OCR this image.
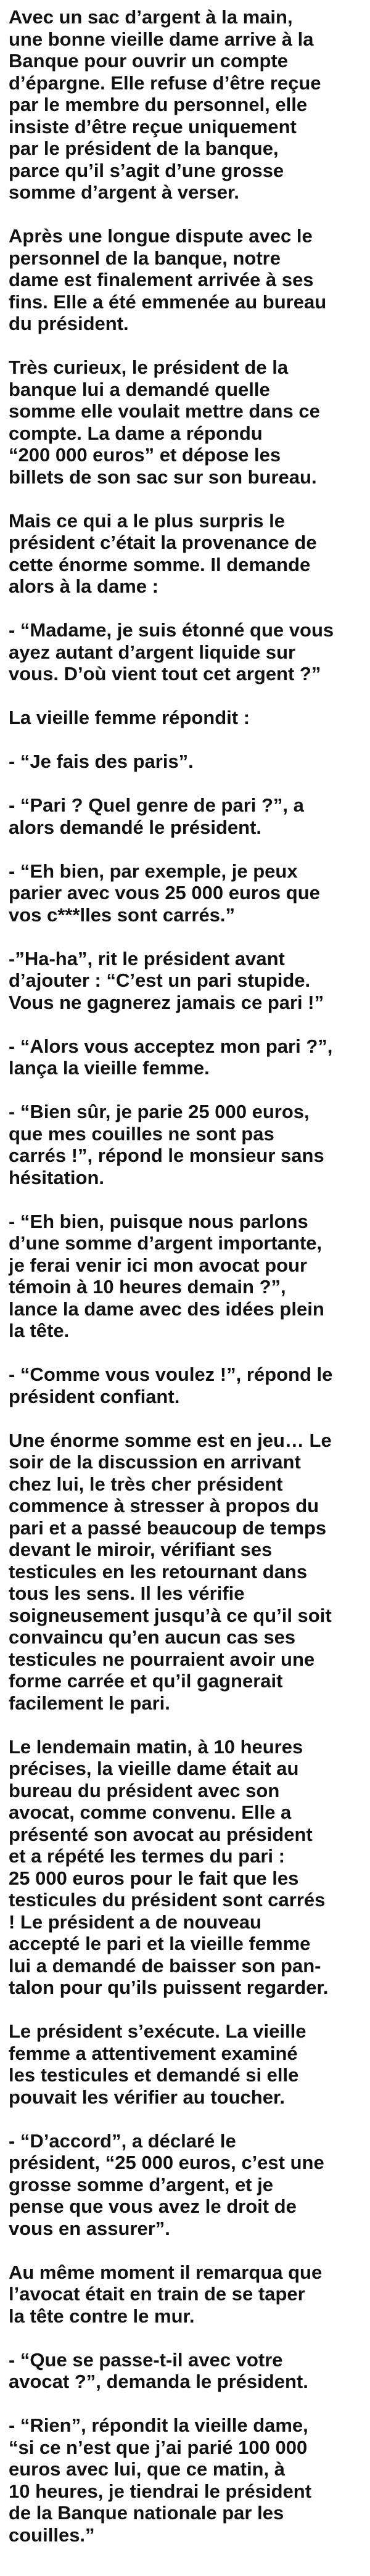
Avec un sac d’argent à la main,
une bonne vieille dame arrive à la
Banque pour ouvrir un compte
d’épargne. Elle refuse d’être reçue
par le membre du personnel, elle
insiste d’être reçue uniquement
par le président de la banque,
parce qu’il s’agit d’une grosse
somme d’argent à verser.

Après une longue dispute avec le
personnel de la banque, notre
dame est finalement arrivée à ses
fins. Elle a été emmenée au bureau
du président.

Très curieux, le président de la
banque lui a demandé quelle
somme elle voulait mettre dans ce
compte. La dame a répondu
“200 000 euros” et dépose les
billets de son sac sur son bureau.

Mais ce qui a le plus surpris le
président c’était la provenance de
cette énorme somme. Il demande
alors à la dame :

- “Madame, je suis étonné que vous
ayez autant d’argent liquide sur
vous. D’où vient tout cet argent ?”

La vieille femme répondit :

- “Je fais des paris”.

- “Pari ? Quel genre de pari ?”, a
alors demandé le président.

- “Eh bien, par exemple, je peux
parier avec vous 25 000 euros que
vos c***lles sont carrés.”

-”Ha-ha”, rit le président avant
d’ajouter : “C’est un pari stupide.
Vous ne gagnerez jamais ce pari !”

- “Alors vous acceptez mon pari ?”,
lança la vieille femme.

- “Bien sûr, je parie 25 000 euros,
que mes couilles ne sont pas
carrés !”, répond le monsieur sans
hésitation.

- “Eh bien, puisque nous parlons
d’une somme d’argent importante,
je ferai venir ici mon avocat pour
témoin à 10 heures demain ?”,
lance la dame avec des idées plein
la tête.

- “Comme vous voulez !”, répond le
président confiant.

Une énorme somme est en jeu… Le
soir de la discussion en arrivant
chez lui, le très cher président
commence à stresser à propos du
pari et a passé beaucoup de temps
devant le miroir, vérifiant ses
testicules en les retournant dans
tous les sens. Il les vérifie
soigneusement jusqu’à ce qu’il soit
convaincu qu’en aucun cas ses
testicules ne pourraient avoir une
forme carrée et qu’il gagnerait
facilement le pari.

Le lendemain matin, à 10 heures
précises, la vieille dame était au
bureau du président avec son
avocat, comme convenu. Elle a
présenté son avocat au président
et a répété les termes du pari :
25 000 euros pour le fait que les
testicules du président sont carrés
! Le président a de nouveau
accepté le pari et la vieille femme
lui a demandé de baisser son pan-
talon pour qu’ils puissent regarder.

Le président s’exécute. La vieille
femme a attentivement examiné
les testicules et demandé si elle
pouvait les vérifier au toucher.

- “D’accord”, a déclaré le
président, “25 000 euros, c’est une
grosse somme d’argent, et je
pense que vous avez le droit de
vous en assurer”.

Au même moment il remarqua que
l’avocat était en train de se taper
la tête contre le mur.

- “Que se passe-t-il avec votre
avocat ?”, demanda le président.

- “Rien”, répondit la vieille dame,
“si ce n’est que j’ai parié 100 000
euros avec lui, que ce matin, à
10 heures, je tiendrai le président
de la Banque nationale par les
couilles.”
